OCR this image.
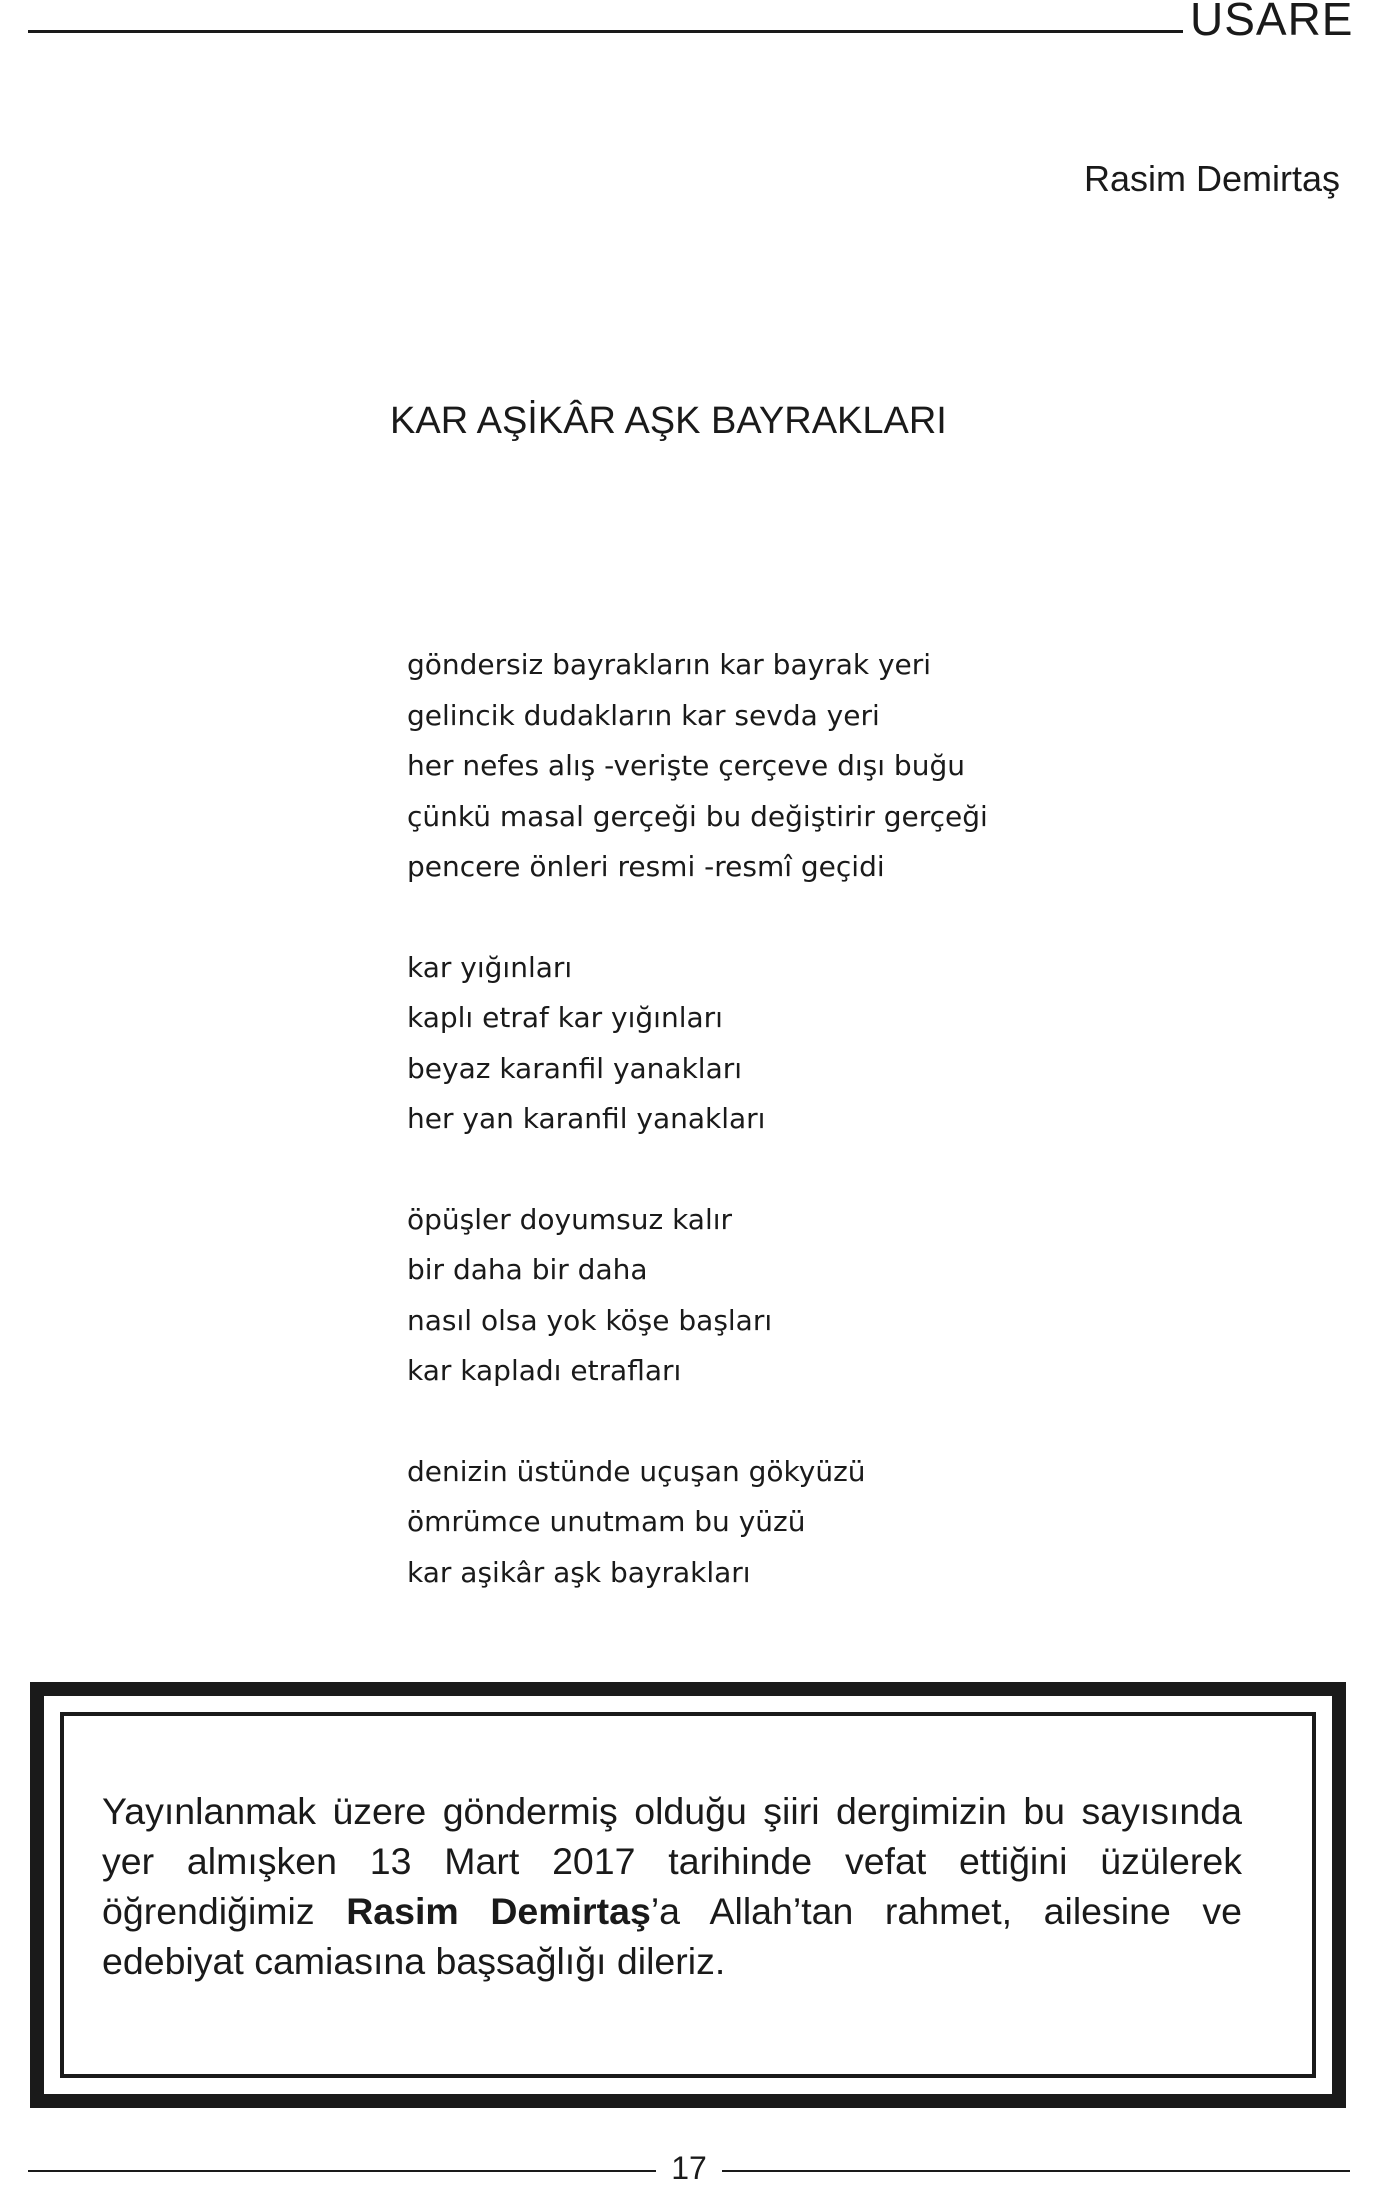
USARE
Rasim Demirtaş
KAR AŞİKÂR AŞK BAYRAKLARI
göndersiz bayrakların kar bayrak yeri
gelincik dudakların kar sevda yeri
her nefes alış -verişte çerçeve dışı buğu
çünkü masal gerçeği bu değiştirir gerçeği
pencere önleri resmi -resmî geçidi
kar yığınları
kaplı etraf kar yığınları
beyaz karanfil yanakları
her yan karanfil yanakları
öpüşler doyumsuz kalır
bir daha bir daha
nasıl olsa yok köşe başları
kar kapladı etrafları
denizin üstünde uçuşan gökyüzü
ömrümce unutmam bu yüzü
kar aşikâr aşk bayrakları
Yayınlanmak üzere göndermiş olduğu şiiri dergimizin bu sayısında yer almışken 13 Mart 2017 tarihinde vefat ettiğini üzülerek öğrendiğimiz Rasim Demirtaş’a Allah’tan rahmet, ailesine ve edebiyat camiasına başsağlığı dileriz.
17
